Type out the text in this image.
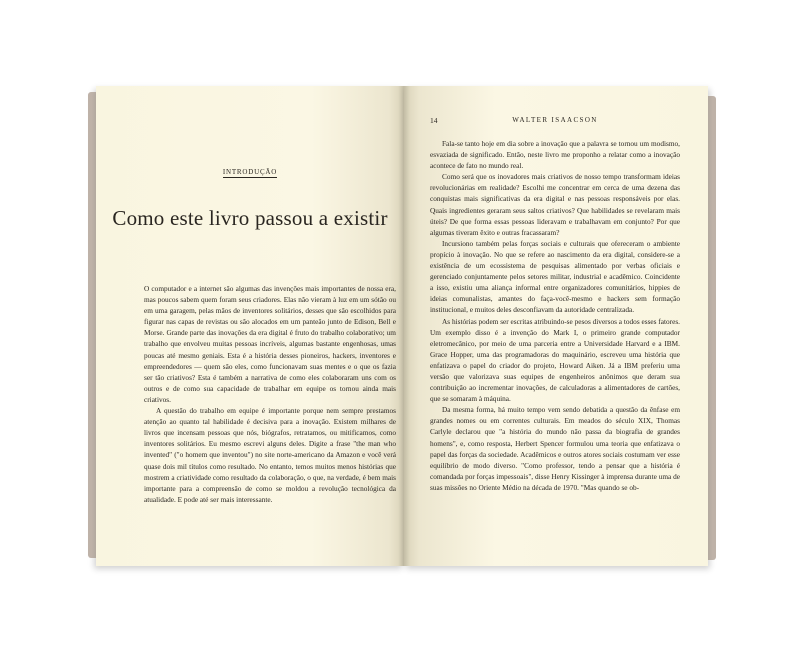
INTRODUÇÃO
Como este livro passou a existir

O computador e a internet são algumas das invenções mais importantes de nossa era, mas poucos sabem quem foram seus criadores. Elas não vieram à luz em um sótão ou em uma garagem, pelas mãos de inventores solitários, desses que são escolhidos para figurar nas capas de revistas ou são alocados em um panteão junto de Edison, Bell e Morse. Grande parte das inovações da era digital é fruto do trabalho colaborativo; um trabalho que envolveu muitas pessoas incríveis, algumas bastante engenhosas, umas poucas até mesmo geniais. Esta é a história desses pioneiros, hackers, inventores e empreendedores — quem são eles, como funcionavam suas mentes e o que os fazia ser tão criativos? Esta é também a narrativa de como eles colaboraram uns com os outros e de como sua capacidade de trabalhar em equipe os tornou ainda mais criativos.

A questão do trabalho em equipe é importante porque nem sempre prestamos atenção ao quanto tal habilidade é decisiva para a inovação. Existem milhares de livros que incensam pessoas que nós, biógrafos, retratamos, ou mitificamos, como inventores solitários. Eu mesmo escrevi alguns deles. Digite a frase "the man who invented" ("o homem que inventou") no site norte-americano da Amazon e você verá quase dois mil títulos como resultado. No entanto, temos muitos menos histórias que mostrem a criatividade como resultado da colaboração, o que, na verdade, é bem mais importante para a compreensão de como se moldou a revolução tecnológica da atualidade. E pode até ser mais interessante.

14	WALTER ISAACSON

Fala-se tanto hoje em dia sobre a inovação que a palavra se tornou um modismo, esvaziada de significado. Então, neste livro me proponho a relatar como a inovação acontece de fato no mundo real.

Como será que os inovadores mais criativos de nosso tempo transformam ideias revolucionárias em realidade? Escolhi me concentrar em cerca de uma dezena das conquistas mais significativas da era digital e nas pessoas responsáveis por elas. Quais ingredientes geraram seus saltos criativos? Que habilidades se revelaram mais úteis? De que forma essas pessoas lideravam e trabalhavam em conjunto? Por que algumas tiveram êxito e outras fracassaram?

Incursiono também pelas forças sociais e culturais que ofereceram o ambiente propício à inovação. No que se refere ao nascimento da era digital, considere-se a existência de um ecossistema de pesquisas alimentado por verbas oficiais e gerenciado conjuntamente pelos setores militar, industrial e acadêmico. Coincidente a isso, existiu uma aliança informal entre organizadores comunitários, hippies de ideias comunalistas, amantes do faça-você-mesmo e hackers sem formação institucional, e muitos deles desconfiavam da autoridade centralizada.

As histórias podem ser escritas atribuindo-se pesos diversos a todos esses fatores. Um exemplo disso é a invenção do Mark I, o primeiro grande computador eletromecânico, por meio de uma parceria entre a Universidade Harvard e a IBM. Grace Hopper, uma das programadoras do maquinário, escreveu uma história que enfatizava o papel do criador do projeto, Howard Aiken. Já a IBM preferiu uma versão que valorizava suas equipes de engenheiros anônimos que deram sua contribuição ao incrementar inovações, de calculadoras a alimentadores de cartões, que se somaram à máquina.

Da mesma forma, há muito tempo vem sendo debatida a questão da ênfase em grandes nomes ou em correntes culturais. Em meados do século XIX, Thomas Carlyle declarou que "a história do mundo não passa da biografia de grandes homens", e, como resposta, Herbert Spencer formulou uma teoria que enfatizava o papel das forças da sociedade. Acadêmicos e outros atores sociais costumam ver esse equilíbrio de modo diverso. "Como professor, tendo a pensar que a história é comandada por forças impessoais", disse Henry Kissinger à imprensa durante uma de suas missões no Oriente Médio na década de 1970. "Mas quando se ob-
